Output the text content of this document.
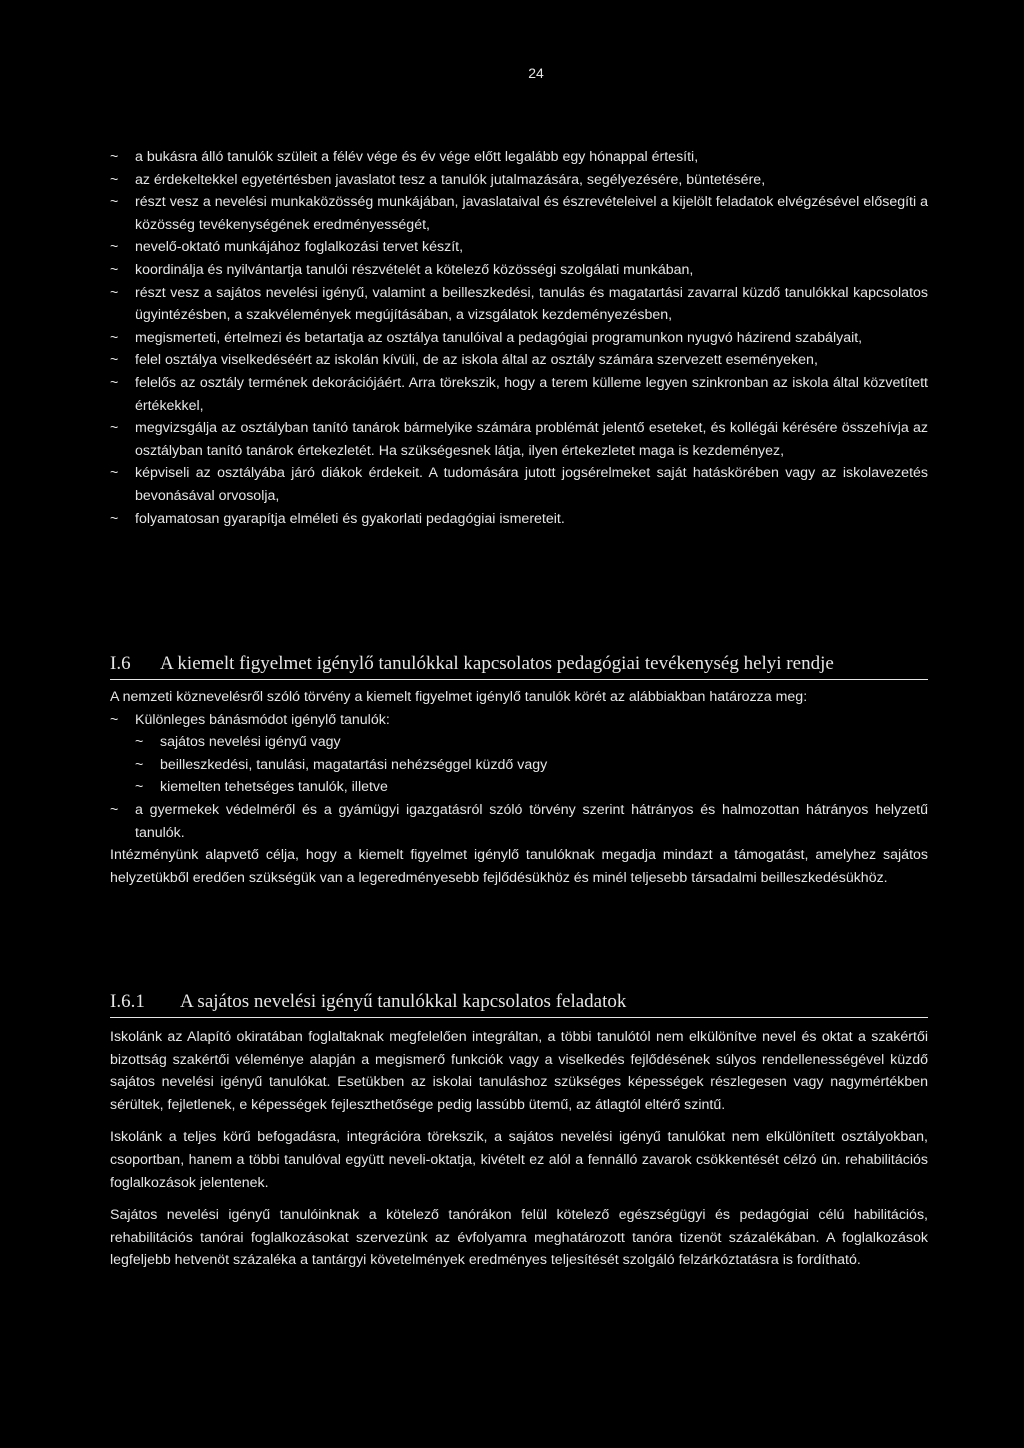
24
~ a bukásra álló tanulók szüleit a félév vége és év vége előtt legalább egy hónappal értesíti,
~ az érdekeltekkel egyetértésben javaslatot tesz a tanulók jutalmazására, segélyezésére, büntetésére,
~ részt vesz a nevelési munkaközösség munkájában, javaslataival és észrevételeivel a kijelölt feladatok elvégzésével elősegíti a közösség tevékenységének eredményességét,
~ nevelő-oktató munkájához foglalkozási tervet készít,
~ koordinálja és nyilvántartja tanulói részvételét a kötelező közösségi szolgálati munkában,
~ részt vesz a sajátos nevelési igényű, valamint a beilleszkedési, tanulás és magatartási zavarral küzdő tanulókkal kapcsolatos ügyintézésben, a szakvélemények megújításában, a vizsgálatok kezdeményezésben,
~ megismerteti, értelmezi és betartatja az osztálya tanulóival a pedagógiai programunkon nyugvó házirend szabályait,
~ felel osztálya viselkedéséért az iskolán kívüli, de az iskola által az osztály számára szervezett eseményeken,
~ felelős az osztály termének dekorációjáért. Arra törekszik, hogy a terem külleme legyen szinkronban az iskola által közvetített értékekkel,
~ megvizsgálja az osztályban tanító tanárok bármelyike számára problémát jelentő eseteket, és kollégái kérésére összehívja az osztályban tanító tanárok értekezletét. Ha szükségesnek látja, ilyen értekezletet maga is kezdeményez,
~ képviseli az osztályába járó diákok érdekeit. A tudomására jutott jogsérelmeket saját hatáskörében vagy az iskolavezetés bevonásával orvosolja,
~ folyamatosan gyarapítja elméleti és gyakorlati pedagógiai ismereteit.
I.6 A kiemelt figyelmet igénylő tanulókkal kapcsolatos pedagógiai tevékenység helyi rendje

A nemzeti köznevelésről szóló törvény a kiemelt figyelmet igénylő tanulók körét az alábbiakban határozza meg:

~ Különleges bánásmódot igénylő tanulók:
~ sajátos nevelési igényű vagy
~ beilleszkedési, tanulási, magatartási nehézséggel küzdő vagy
~ kiemelten tehetséges tanulók, illetve
~ a gyermekek védelméről és a gyámügyi igazgatásról szóló törvény szerint hátrányos és halmozottan hátrányos helyzetű tanulók.

Intézményünk alapvető célja, hogy a kiemelt figyelmet igénylő tanulóknak megadja mindazt a támogatást, amelyhez sajátos helyzetükből eredően szükségük van a legeredményesebb fejlődésükhöz és minél teljesebb társadalmi beilleszkedésükhöz.

I.6.1 A sajátos nevelési igényű tanulókkal kapcsolatos feladatok

Iskolánk az Alapító okiratában foglaltaknak megfelelően integráltan, a többi tanulótól nem elkülönítve nevel és oktat a szakértői bizottság szakértői véleménye alapján a megismerő funkciók vagy a viselkedés fejlődésének súlyos rendellenességével küzdő sajátos nevelési igényű tanulókat. Esetükben az iskolai tanuláshoz szükséges képességek részlegesen vagy nagymértékben sérültek, fejletlenek, e képességek fejleszthetősége pedig lassúbb ütemű, az átlagtól eltérő szintű.

Iskolánk a teljes körű befogadásra, integrációra törekszik, a sajátos nevelési igényű tanulókat nem elkülönített osztályokban, csoportban, hanem a többi tanulóval együtt neveli-oktatja, kivételt ez alól a fennálló zavarok csökkentését célzó ún. rehabilitációs foglalkozások jelentenek.

Sajátos nevelési igényű tanulóinknak a kötelező tanórákon felül kötelező egészségügyi és pedagógiai célú habilitációs, rehabilitációs tanórai foglalkozásokat szervezünk az évfolyamra meghatározott tanóra tizenöt százalékában. A foglalkozások legfeljebb hetvenöt százaléka a tantárgyi követelmények eredményes teljesítését szolgáló felzárkóztatásra is fordítható.
